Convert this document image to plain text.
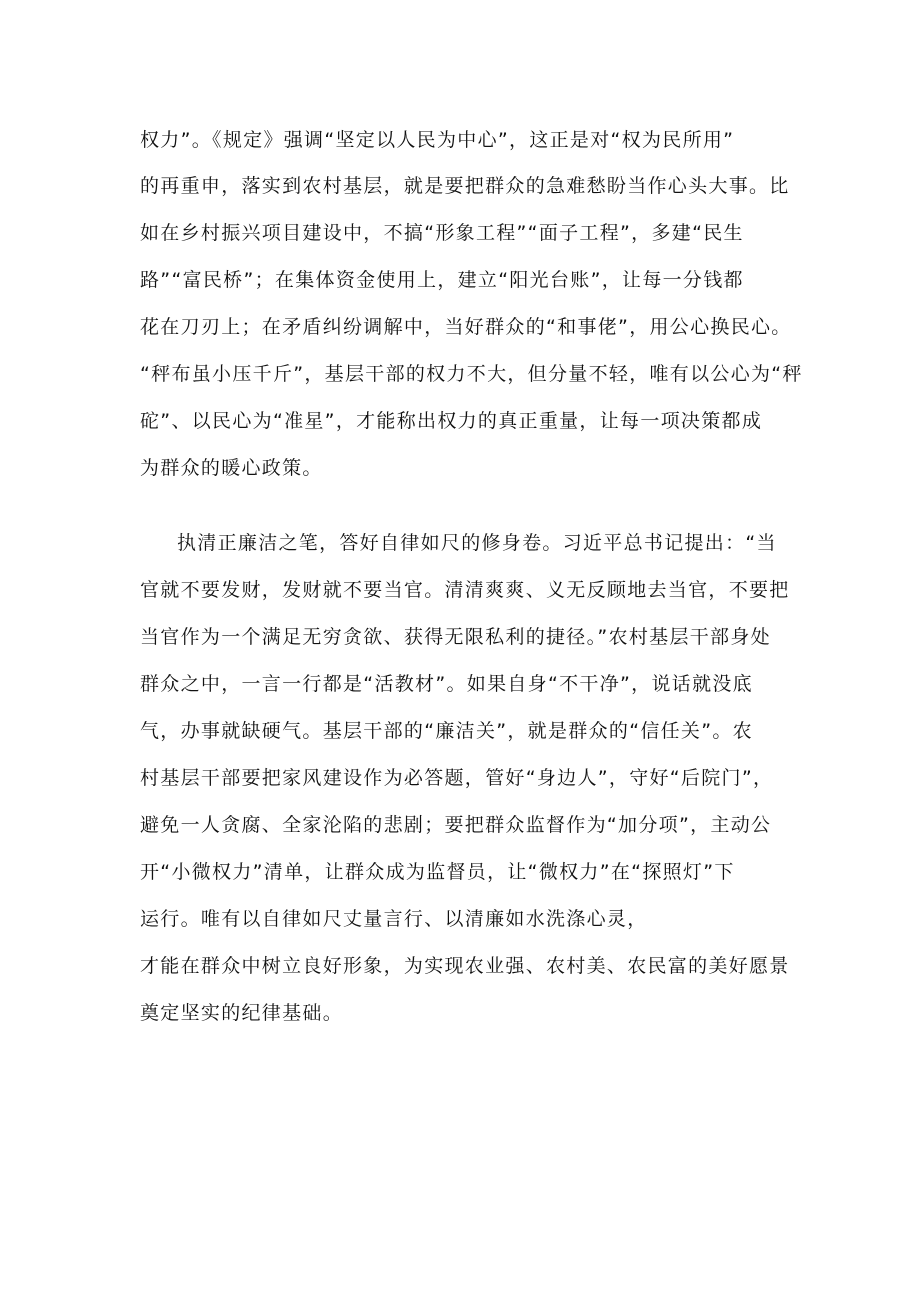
权力”。《规定》强调“坚定以人民为中心”，这正是对“权为民所用”
的再重申，落实到农村基层，就是要把群众的急难愁盼当作心头大事。比
如在乡村振兴项目建设中，不搞“形象工程”“面子工程”，多建“民生
路”“富民桥”；在集体资金使用上，建立“阳光台账”，让每一分钱都
花在刀刃上；在矛盾纠纷调解中，当好群众的“和事佬”，用公心换民心。
“秤布虽小压千斤”，基层干部的权力不大，但分量不轻，唯有以公心为“秤
砣”、以民心为“准星”，才能称出权力的真正重量，让每一项决策都成
为群众的暖心政策。
执清正廉洁之笔，答好自律如尺的修身卷。习近平总书记提出：“当
官就不要发财，发财就不要当官。清清爽爽、义无反顾地去当官，不要把
当官作为一个满足无穷贪欲、获得无限私利的捷径。”农村基层干部身处
群众之中，一言一行都是“活教材”。如果自身“不干净”，说话就没底
气，办事就缺硬气。基层干部的“廉洁关”，就是群众的“信任关”。农
村基层干部要把家风建设作为必答题，管好“身边人”，守好“后院门”，
避免一人贪腐、全家沦陷的悲剧；要把群众监督作为“加分项”，主动公
开“小微权力”清单，让群众成为监督员，让“微权力”在“探照灯”下
运行。唯有以自律如尺丈量言行、以清廉如水洗涤心灵，
才能在群众中树立良好形象，为实现农业强、农村美、农民富的美好愿景
奠定坚实的纪律基础。
